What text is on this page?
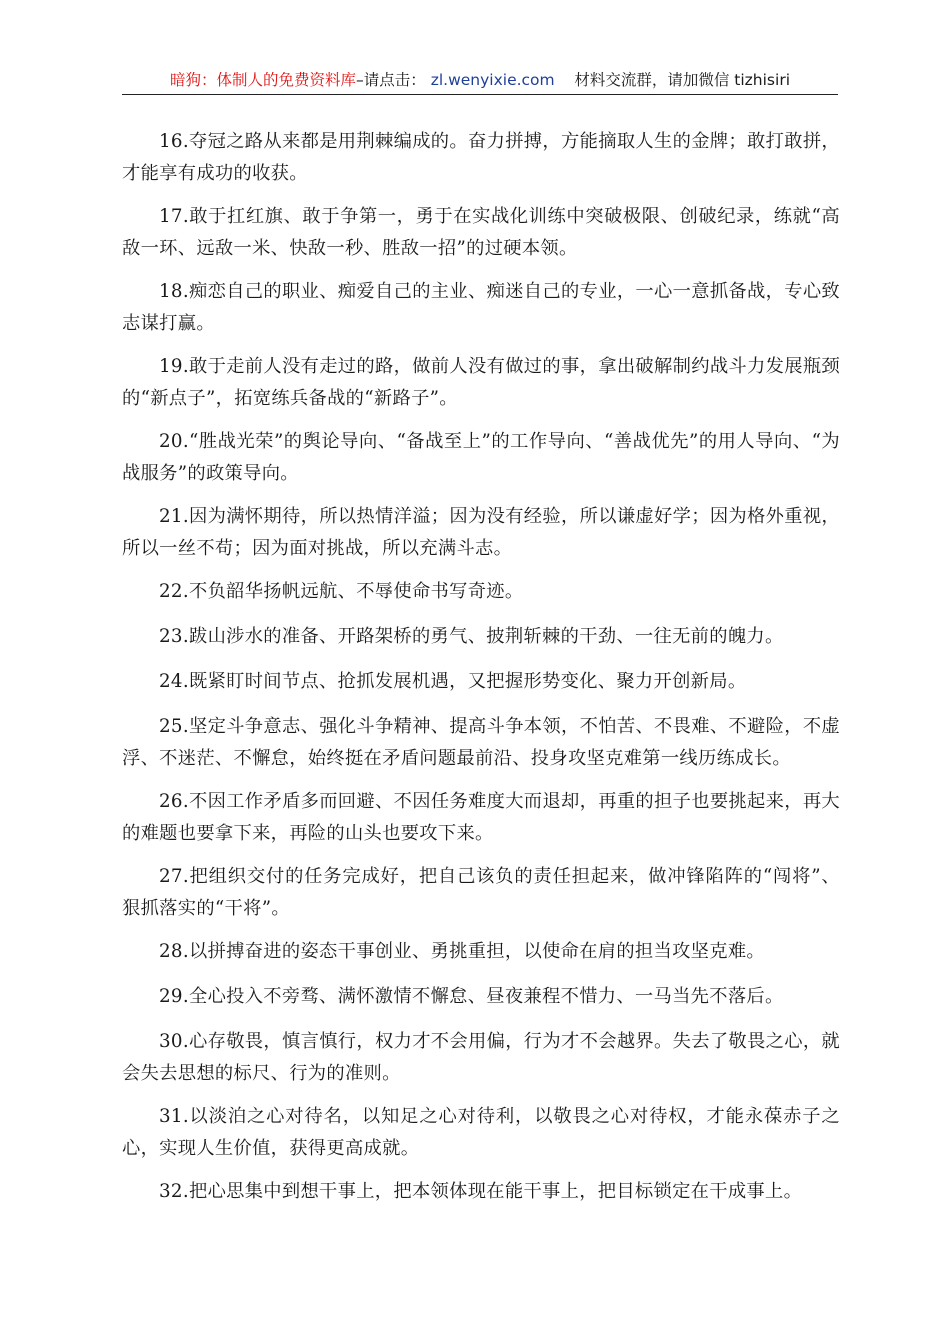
暗狗：体制人的免费资料库–请点击： zl.wenyixie.com 材料交流群，请加微信 tizhisiri

16.夺冠之路从来都是用荆棘编成的。奋力拼搏，方能摘取人生的金牌；敢打敢拼，才能享有成功的收获。

17.敢于扛红旗、敢于争第一，勇于在实战化训练中突破极限、创破纪录，练就“高敌一环、远敌一米、快敌一秒、胜敌一招”的过硬本领。

18.痴恋自己的职业、痴爱自己的主业、痴迷自己的专业，一心一意抓备战，专心致志谋打赢。

19.敢于走前人没有走过的路，做前人没有做过的事，拿出破解制约战斗力发展瓶颈的“新点子”，拓宽练兵备战的“新路子”。

20.“胜战光荣”的舆论导向、“备战至上”的工作导向、“善战优先”的用人导向、“为战服务”的政策导向。

21.因为满怀期待，所以热情洋溢；因为没有经验，所以谦虚好学；因为格外重视，所以一丝不苟；因为面对挑战，所以充满斗志。

22.不负韶华扬帆远航、不辱使命书写奇迹。

23.跋山涉水的准备、开路架桥的勇气、披荆斩棘的干劲、一往无前的魄力。

24.既紧盯时间节点、抢抓发展机遇，又把握形势变化、聚力开创新局。

25.坚定斗争意志、强化斗争精神、提高斗争本领，不怕苦、不畏难、不避险，不虚浮、不迷茫、不懈怠，始终挺在矛盾问题最前沿、投身攻坚克难第一线历练成长。

26.不因工作矛盾多而回避、不因任务难度大而退却，再重的担子也要挑起来，再大的难题也要拿下来，再险的山头也要攻下来。

27.把组织交付的任务完成好，把自己该负的责任担起来，做冲锋陷阵的“闯将”、狠抓落实的“干将”。

28.以拼搏奋进的姿态干事创业、勇挑重担，以使命在肩的担当攻坚克难。

29.全心投入不旁骛、满怀激情不懈怠、昼夜兼程不惜力、一马当先不落后。

30.心存敬畏，慎言慎行，权力才不会用偏，行为才不会越界。失去了敬畏之心，就会失去思想的标尺、行为的准则。

31.以淡泊之心对待名，以知足之心对待利，以敬畏之心对待权，才能永葆赤子之心，实现人生价值，获得更高成就。

32.把心思集中到想干事上，把本领体现在能干事上，把目标锁定在干成事上。
